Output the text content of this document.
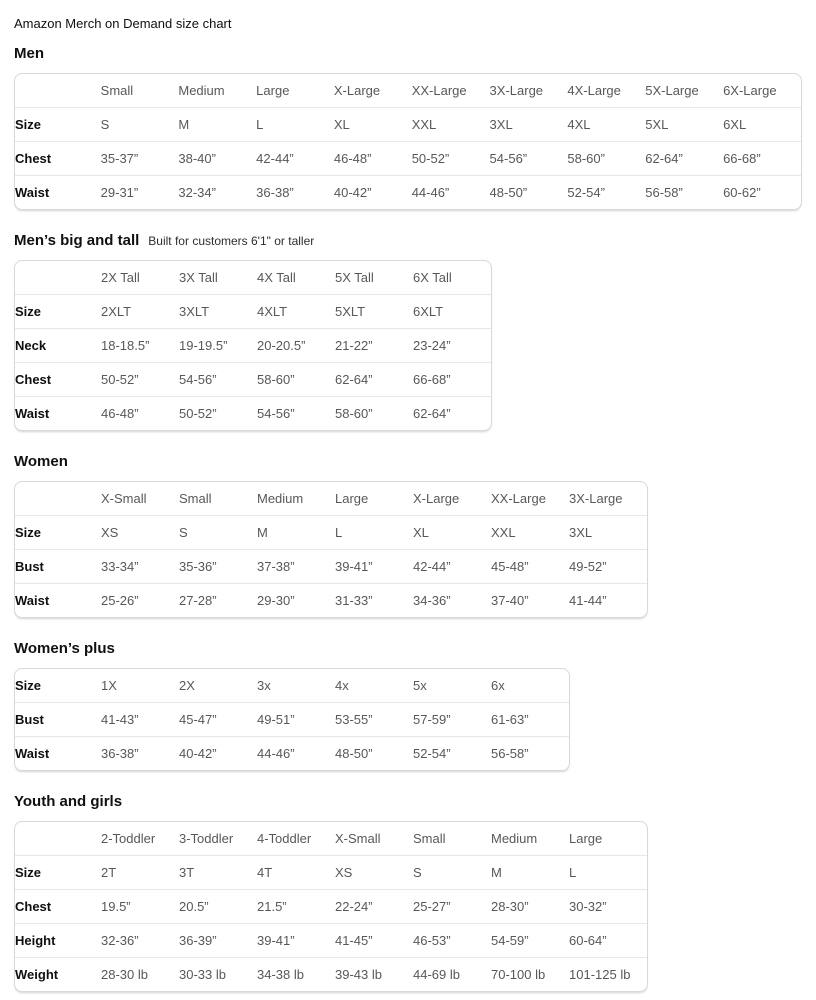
Amazon Merch on Demand size chart
Men
	Small	Medium	Large	X-Large	XX-Large	3X-Large	4X-Large	5X-Large	6X-Large
Size	S	M	L	XL	XXL	3XL	4XL	5XL	6XL
Chest	35-37”	38-40”	42-44”	46-48”	50-52”	54-56”	58-60”	62-64”	66-68”
Waist	29-31”	32-34”	36-38”	40-42”	44-46”	48-50”	52-54”	56-58”	60-62”
Men’s big and tall Built for customers 6'1" or taller
	2X Tall	3X Tall	4X Tall	5X Tall	6X Tall
Size	2XLT	3XLT	4XLT	5XLT	6XLT
Neck	18-18.5”	19-19.5”	20-20.5”	21-22”	23-24”
Chest	50-52”	54-56”	58-60”	62-64”	66-68”
Waist	46-48”	50-52”	54-56”	58-60”	62-64”
Women
	X-Small	Small	Medium	Large	X-Large	XX-Large	3X-Large
Size	XS	S	M	L	XL	XXL	3XL
Bust	33-34”	35-36”	37-38”	39-41”	42-44”	45-48”	49-52”
Waist	25-26”	27-28”	29-30”	31-33”	34-36”	37-40”	41-44”
Women’s plus
Size	1X	2X	3x	4x	5x	6x
Bust	41-43”	45-47”	49-51”	53-55”	57-59”	61-63”
Waist	36-38”	40-42”	44-46”	48-50”	52-54”	56-58”
Youth and girls
	2-Toddler	3-Toddler	4-Toddler	X-Small	Small	Medium	Large
Size	2T	3T	4T	XS	S	M	L
Chest	19.5”	20.5”	21.5”	22-24”	25-27”	28-30”	30-32”
Height	32-36”	36-39”	39-41”	41-45”	46-53”	54-59”	60-64”
Weight	28-30 lb	30-33 lb	34-38 lb	39-43 lb	44-69 lb	70-100 lb	101-125 lb
